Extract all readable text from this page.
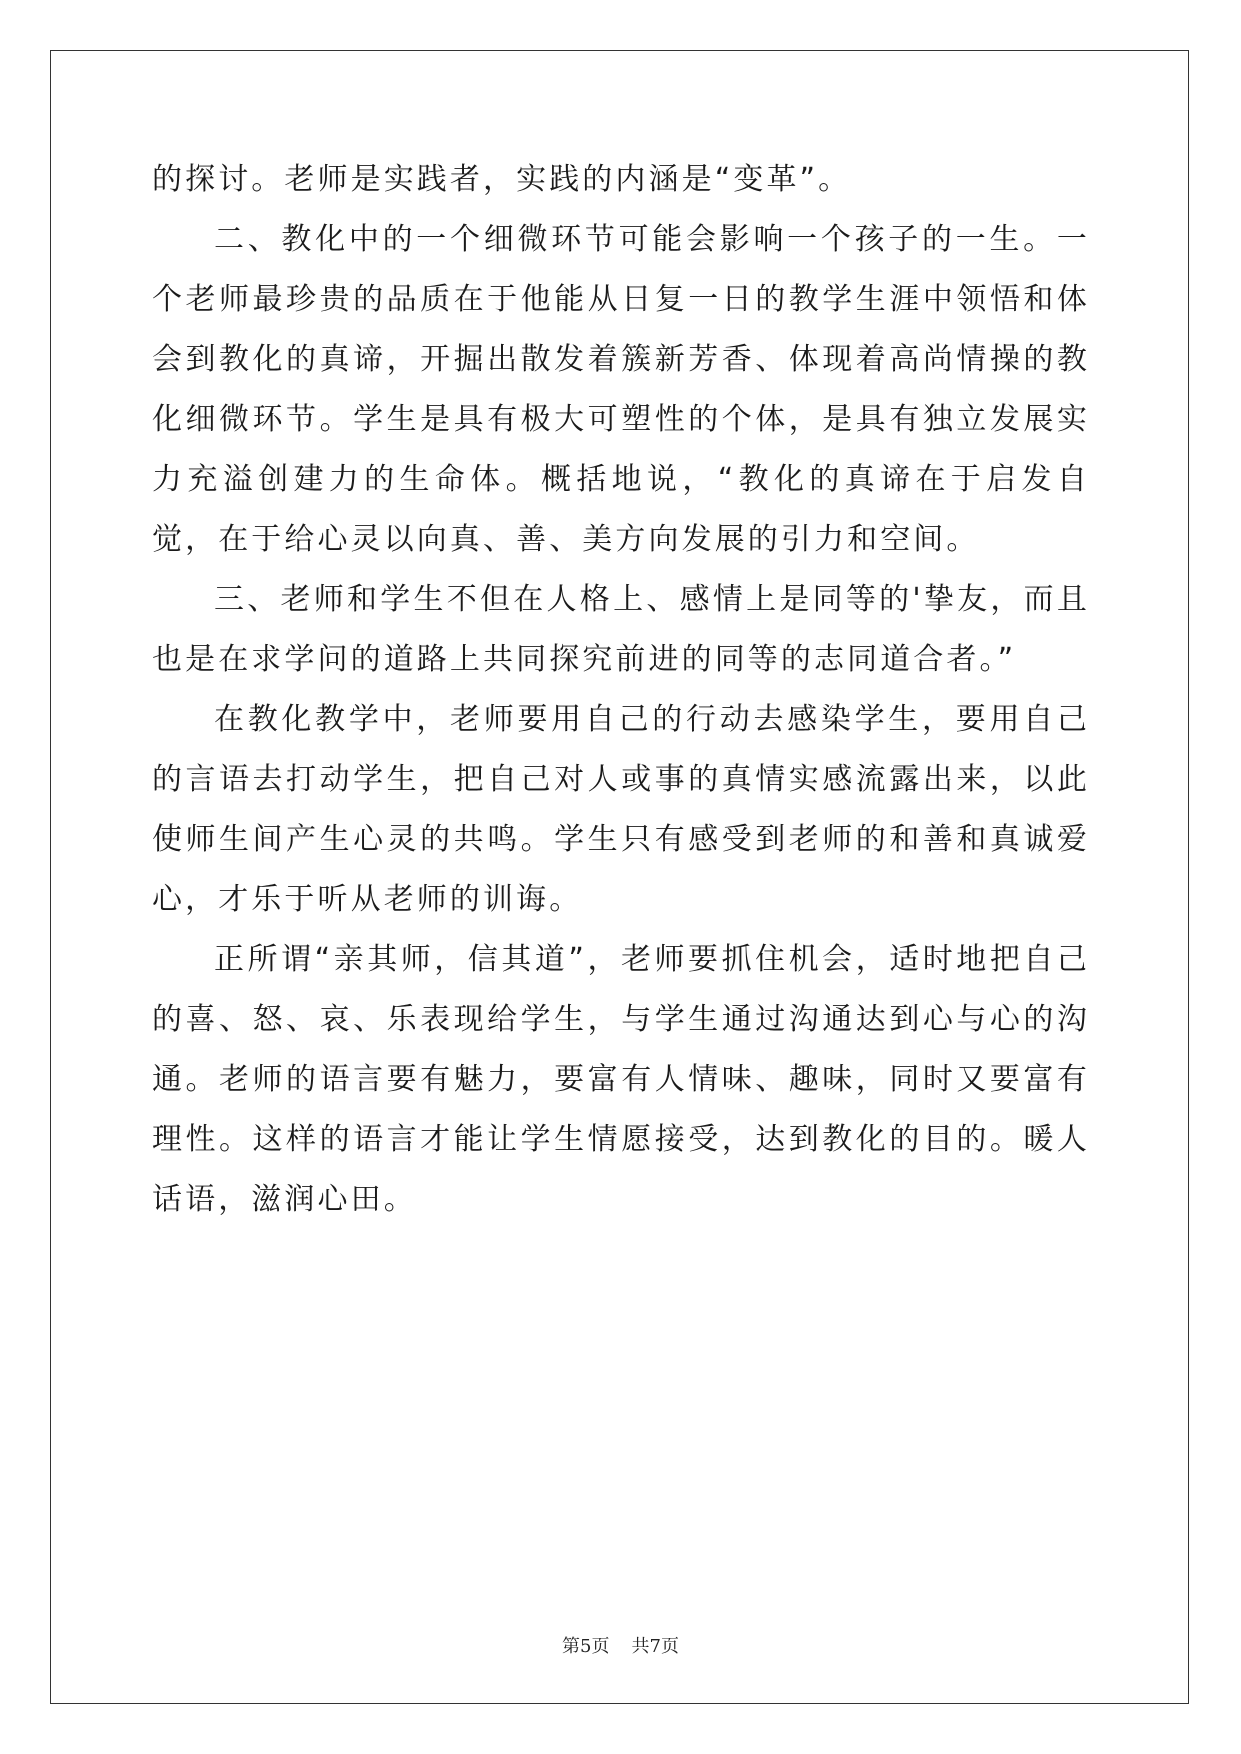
的探讨。老师是实践者，实践的内涵是“变革”。

二、教化中的一个细微环节可能会影响一个孩子的一生。一个老师最珍贵的品质在于他能从日复一日的教学生涯中领悟和体会到教化的真谛，开掘出散发着簇新芳香、体现着高尚情操的教化细微环节。学生是具有极大可塑性的个体，是具有独立发展实力充溢创建力的生命体。概括地说，“教化的真谛在于启发自觉，在于给心灵以向真、善、美方向发展的引力和空间。

三、老师和学生不但在人格上、感情上是同等的'挚友，而且也是在求学问的道路上共同探究前进的同等的志同道合者。”

在教化教学中，老师要用自己的行动去感染学生，要用自己的言语去打动学生，把自己对人或事的真情实感流露出来，以此使师生间产生心灵的共鸣。学生只有感受到老师的和善和真诚爱心，才乐于听从老师的训诲。

正所谓“亲其师，信其道”，老师要抓住机会，适时地把自己的喜、怒、哀、乐表现给学生，与学生通过沟通达到心与心的沟通。老师的语言要有魅力，要富有人情味、趣味，同时又要富有理性。这样的语言才能让学生情愿接受，达到教化的目的。暖人话语，滋润心田。

第5页 共7页
